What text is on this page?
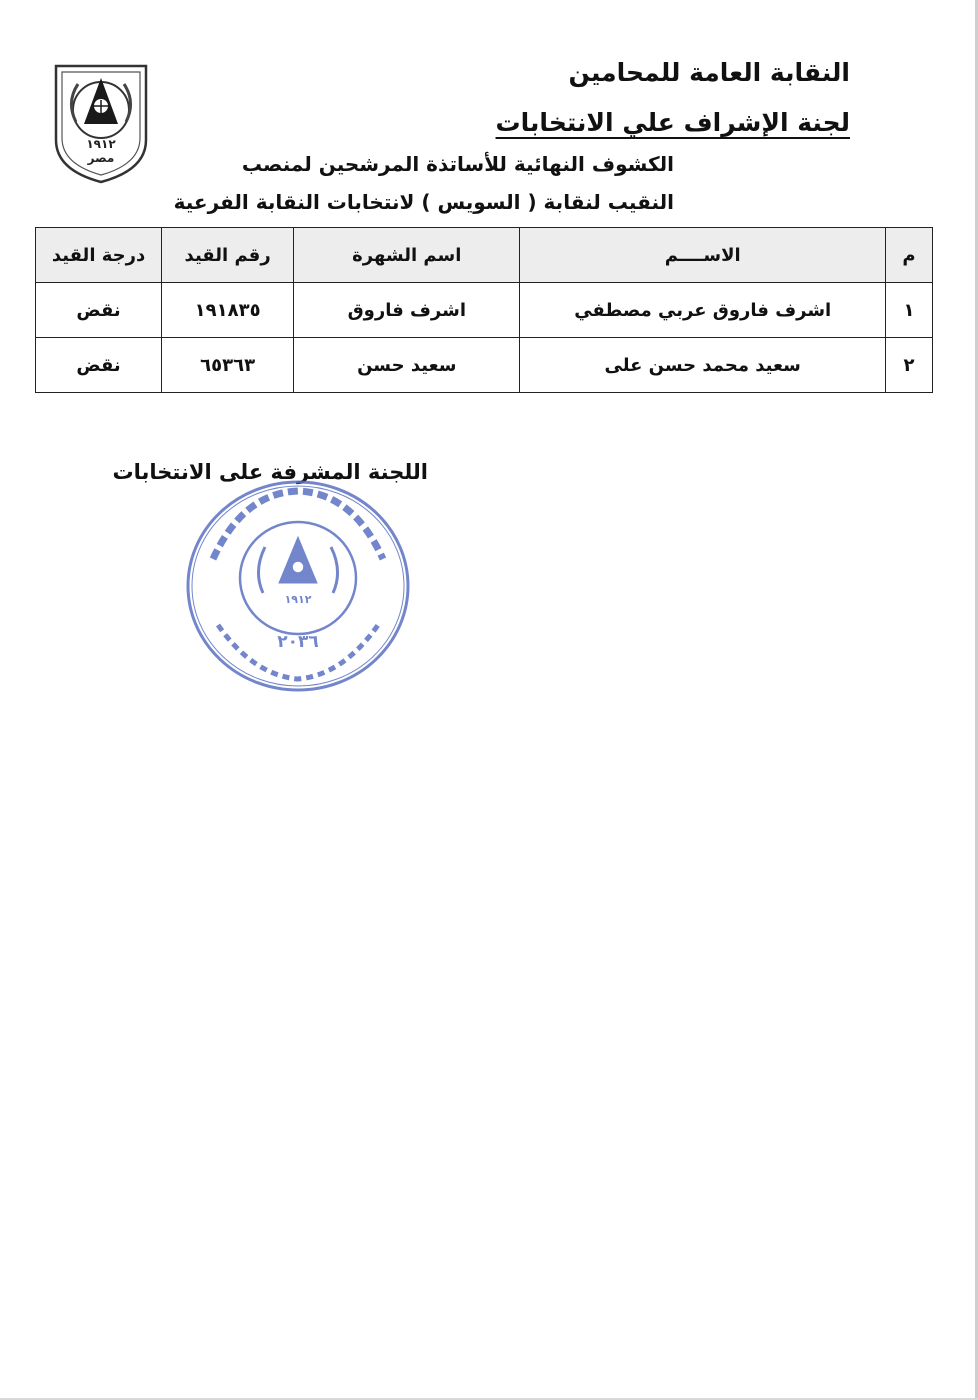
١٩١٢
مصر
النقابة العامة للمحامين
لجنة الإشراف علي الانتخابات
الكشوف النهائية للأساتذة المرشحين لمنصب
النقيب لنقابة ( السويس ) لانتخابات النقابة الفرعية
م	الاســــم	اسم الشهرة	رقم القيد	درجة القيد
١	اشرف فاروق عربي مصطفي	اشرف فاروق	١٩١٨٣٥	نقض
٢	سعيد محمد حسن على	سعيد حسن	٦٥٣٦٣	نقض
اللجنة المشرفة على الانتخابات
١٩١٢
٢٠٣٦
